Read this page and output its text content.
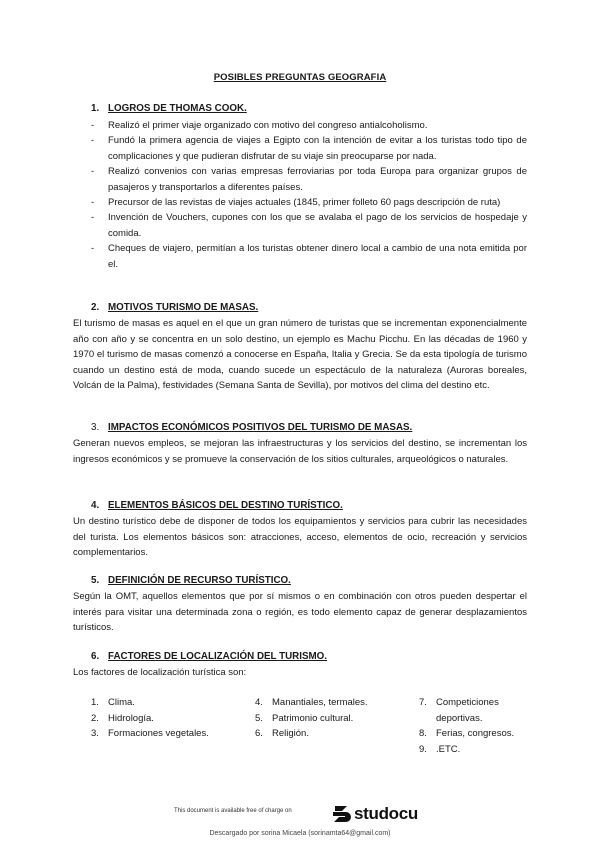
POSIBLES PREGUNTAS GEOGRAFIA
1. LOGROS DE THOMAS COOK.
- Realizó el primer viaje organizado con motivo del congreso antialcoholismo.
- Fundó la primera agencia de viajes a Egipto con la intención de evitar a los turistas todo tipo de complicaciones y que pudieran disfrutar de su viaje sin preocuparse por nada.
- Realizó convenios con varias empresas ferroviarias por toda Europa para organizar grupos de pasajeros y transportarlos a diferentes países.
- Precursor de las revistas de viajes actuales (1845, primer folleto 60 pags descripción de ruta)
- Invención de Vouchers, cupones con los que se avalaba el pago de los servicios de hospedaje y comida.
- Cheques de viajero, permitían a los turistas obtener dinero local a cambio de una nota emitida por el.
2. MOTIVOS TURISMO DE MASAS.

El turismo de masas es aquel en el que un gran número de turistas que se incrementan exponencialmente año con año y se concentra en un solo destino, un ejemplo es Machu Picchu. En las décadas de 1960 y 1970 el turismo de masas comenzó a conocerse en España, Italia y Grecia. Se da esta tipología de turismo cuando un destino está de moda, cuando sucede un espectáculo de la naturaleza (Auroras boreales, Volcán de la Palma), festividades (Semana Santa de Sevilla), por motivos del clima del destino etc.

3. IMPACTOS ECONÓMICOS POSITIVOS DEL TURISMO DE MASAS.

Generan nuevos empleos, se mejoran las infraestructuras y los servicios del destino, se incrementan los ingresos económicos y se promueve la conservación de los sitios culturales, arqueológicos o naturales.

4. ELEMENTOS BÁSICOS DEL DESTINO TURÍSTICO.

Un destino turístico debe de disponer de todos los equipamientos y servicios para cubrir las necesidades del turista. Los elementos básicos son: atracciones, acceso, elementos de ocio, recreación y servicios complementarios.

5. DEFINICIÓN DE RECURSO TURÍSTICO.

Según la OMT, aquellos elementos que por sí mismos o en combinación con otros pueden despertar el interés para visitar una determinada zona o región, es todo elemento capaz de generar desplazamientos turísticos.

6. FACTORES DE LOCALIZACIÓN DEL TURISMO.

Los factores de localización turística son:

1. Clima.
2. Hidrología.
3. Formaciones vegetales.
4. Manantiales, termales.
5. Patrimonio cultural.
6. Religión.
7. Competiciones deportivas.
8. Ferias, congresos.
9. .ETC.
This document is available free of charge on	studocu
Descargado por sorina Micaela (sorinamta64@gmail.com)
